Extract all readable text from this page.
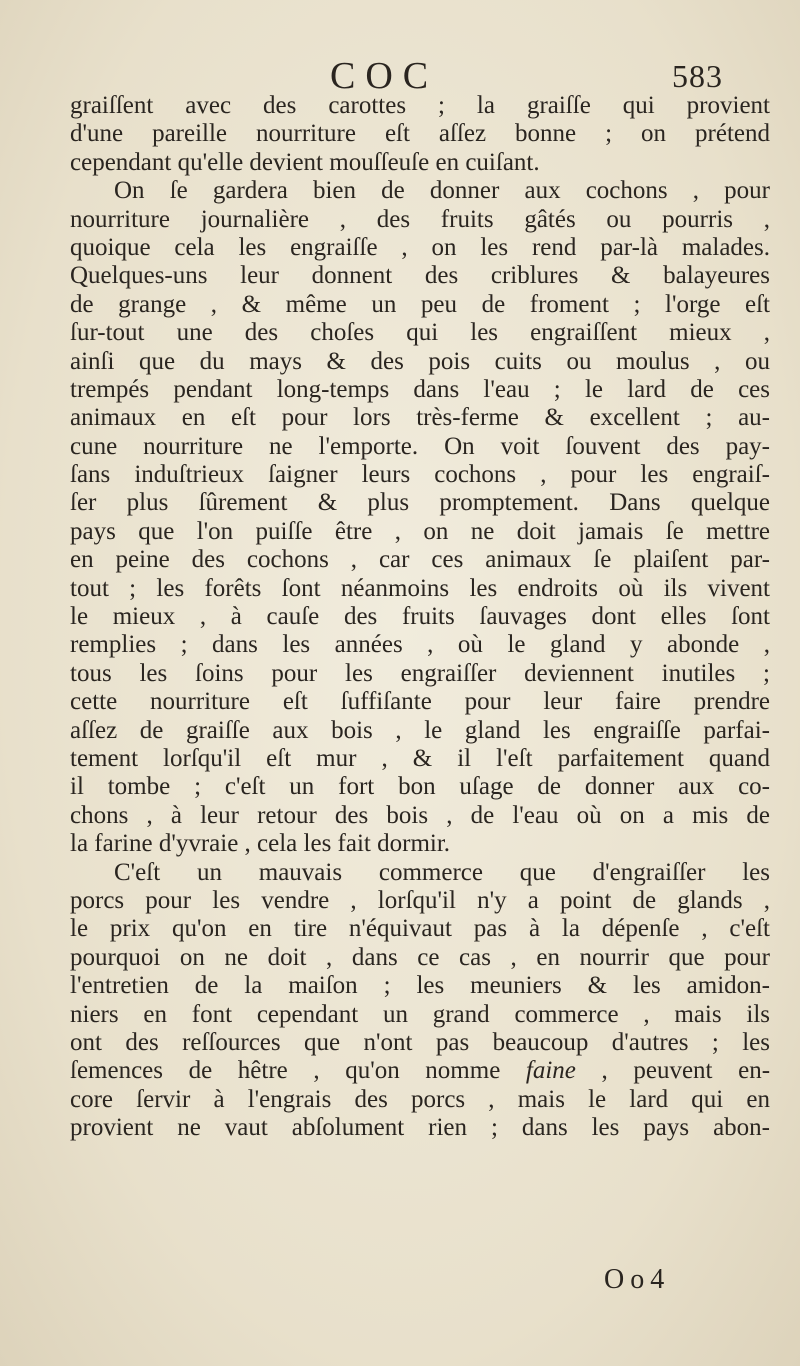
COC	583
graiſſent avec des carottes ; la graiſſe qui provient
d'une pareille nourriture eſt aſſez bonne ; on prétend
cependant qu'elle devient mouſſeuſe en cuiſant.
On ſe gardera bien de donner aux cochons , pour
nourriture journalière , des fruits gâtés ou pourris ,
quoique cela les engraiſſe , on les rend par-là malades.
Quelques-uns leur donnent des criblures & balayeures
de grange , & même un peu de froment ; l'orge eſt
ſur-tout une des choſes qui les engraiſſent mieux ,
ainſi que du mays & des pois cuits ou moulus , ou
trempés pendant long-temps dans l'eau ; le lard de ces
animaux en eſt pour lors très-ferme & excellent ; au-
cune nourriture ne l'emporte. On voit ſouvent des pay-
ſans induſtrieux ſaigner leurs cochons , pour les engraiſ-
ſer plus ſûrement & plus promptement. Dans quelque
pays que l'on puiſſe être , on ne doit jamais ſe mettre
en peine des cochons , car ces animaux ſe plaiſent par-
tout ; les forêts ſont néanmoins les endroits où ils vivent
le mieux , à cauſe des fruits ſauvages dont elles ſont
remplies ; dans les années , où le gland y abonde ,
tous les ſoins pour les engraiſſer deviennent inutiles ;
cette nourriture eſt ſuffiſante pour leur faire prendre
aſſez de graiſſe aux bois , le gland les engraiſſe parfai-
tement lorſqu'il eſt mur , & il l'eſt parfaitement quand
il tombe ; c'eſt un fort bon uſage de donner aux co-
chons , à leur retour des bois , de l'eau où on a mis de
la farine d'yvraie , cela les fait dormir.
C'eſt un mauvais commerce que d'engraiſſer les
porcs pour les vendre , lorſqu'il n'y a point de glands ,
le prix qu'on en tire n'équivaut pas à la dépenſe , c'eſt
pourquoi on ne doit , dans ce cas , en nourrir que pour
l'entretien de la maiſon ; les meuniers & les amidon-
niers en font cependant un grand commerce , mais ils
ont des reſſources que n'ont pas beaucoup d'autres ; les
ſemences de hêtre , qu'on nomme faine , peuvent en-
core ſervir à l'engrais des porcs , mais le lard qui en
provient ne vaut abſolument rien ; dans les pays abon-
Oo4
